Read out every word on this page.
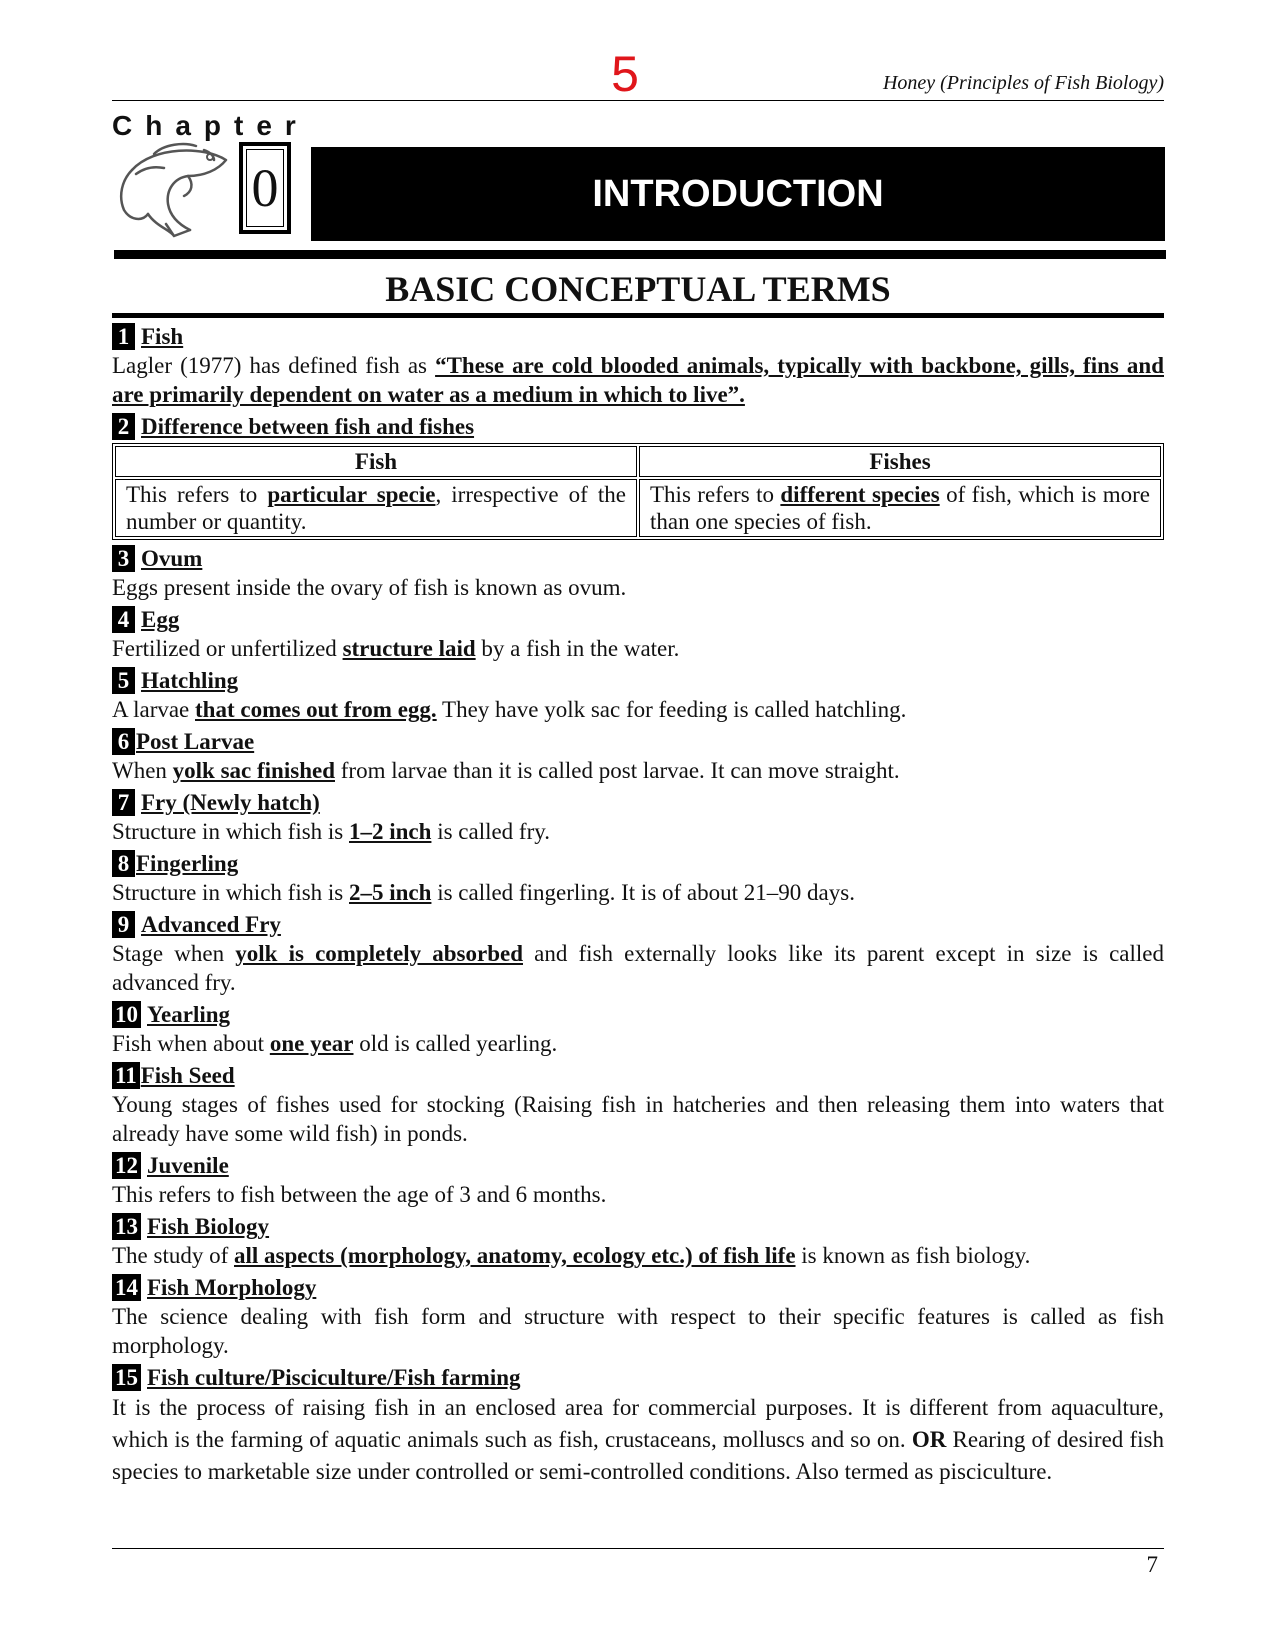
5	Honey (Principles of Fish Biology)
Chapter
0	INTRODUCTION
BASIC CONCEPTUAL TERMS
1 Fish

Lagler (1977) has defined fish as “These are cold blooded animals, typically with backbone, gills, fins and are primarily dependent on water as a medium in which to live”.

2 Difference between fish and fishes
Fish	Fishes
This refers to particular specie, irrespective of the number or quantity.	This refers to different species of fish, which is more than one species of fish.
3 Ovum

Eggs present inside the ovary of fish is known as ovum.

4 Egg

Fertilized or unfertilized structure laid by a fish in the water.

5 Hatchling

A larvae that comes out from egg. They have yolk sac for feeding is called hatchling.

6 Post Larvae

When yolk sac finished from larvae than it is called post larvae. It can move straight.

7 Fry (Newly hatch)

Structure in which fish is 1–2 inch is called fry.

8 Fingerling

Structure in which fish is 2–5 inch is called fingerling. It is of about 21–90 days.

9 Advanced Fry

Stage when yolk is completely absorbed and fish externally looks like its parent except in size is called advanced fry.

10 Yearling

Fish when about one year old is called yearling.

11 Fish Seed

Young stages of fishes used for stocking (Raising fish in hatcheries and then releasing them into waters that already have some wild fish) in ponds.

12 Juvenile

This refers to fish between the age of 3 and 6 months.

13 Fish Biology

The study of all aspects (morphology, anatomy, ecology etc.) of fish life is known as fish biology.

14 Fish Morphology

The science dealing with fish form and structure with respect to their specific features is called as fish morphology.

15 Fish culture/Pisciculture/Fish farming

It is the process of raising fish in an enclosed area for commercial purposes. It is different from aquaculture, which is the farming of aquatic animals such as fish, crustaceans, molluscs and so on. OR Rearing of desired fish species to marketable size under controlled or semi-controlled conditions. Also termed as pisciculture.

7
